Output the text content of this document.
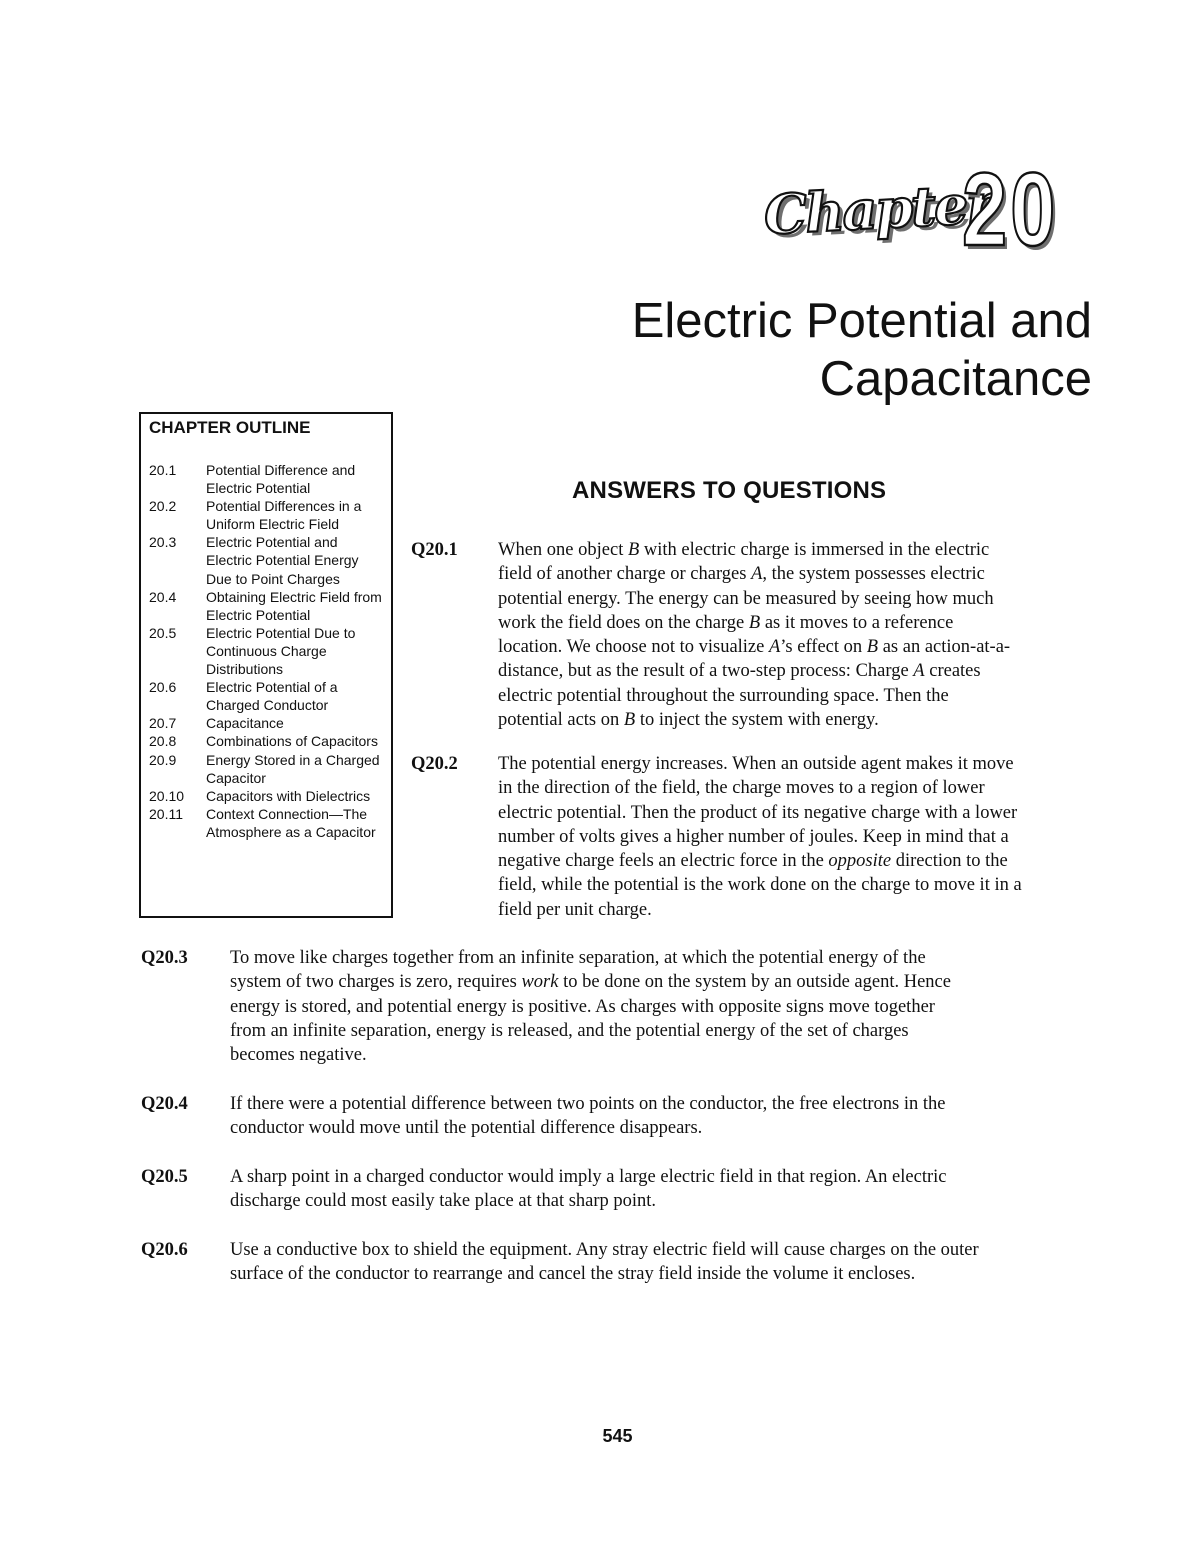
Chapter
20
Electric Potential and
Capacitance
CHAPTER OUTLINE
20.1	Potential Difference and Electric Potential
20.2	Potential Differences in a Uniform Electric Field
20.3	Electric Potential and Electric Potential Energy Due to Point Charges
20.4	Obtaining Electric Field from Electric Potential
20.5	Electric Potential Due to Continuous Charge Distributions
20.6	Electric Potential of a Charged Conductor
20.7	Capacitance
20.8	Combinations of Capacitors
20.9	Energy Stored in a Charged Capacitor
20.10	Capacitors with Dielectrics
20.11	Context Connection—The Atmosphere as a Capacitor
ANSWERS TO QUESTIONS
Q20.1 When one object B with electric charge is immersed in the electric
field of another charge or charges A, the system possesses electric
potential energy. The energy can be measured by seeing how much
work the field does on the charge B as it moves to a reference
location. We choose not to visualize A’s effect on B as an action-at-a-
distance, but as the result of a two-step process: Charge A creates
electric potential throughout the surrounding space. Then the
potential acts on B to inject the system with energy.
Q20.2 The potential energy increases. When an outside agent makes it move
in the direction of the field, the charge moves to a region of lower
electric potential. Then the product of its negative charge with a lower
number of volts gives a higher number of joules. Keep in mind that a
negative charge feels an electric force in the opposite direction to the
field, while the potential is the work done on the charge to move it in a
field per unit charge.
Q20.3 To move like charges together from an infinite separation, at which the potential energy of the
system of two charges is zero, requires work to be done on the system by an outside agent. Hence
energy is stored, and potential energy is positive. As charges with opposite signs move together
from an infinite separation, energy is released, and the potential energy of the set of charges
becomes negative.
Q20.4 If there were a potential difference between two points on the conductor, the free electrons in the
conductor would move until the potential difference disappears.
Q20.5 A sharp point in a charged conductor would imply a large electric field in that region. An electric
discharge could most easily take place at that sharp point.
Q20.6 Use a conductive box to shield the equipment. Any stray electric field will cause charges on the outer
surface of the conductor to rearrange and cancel the stray field inside the volume it encloses.
545
